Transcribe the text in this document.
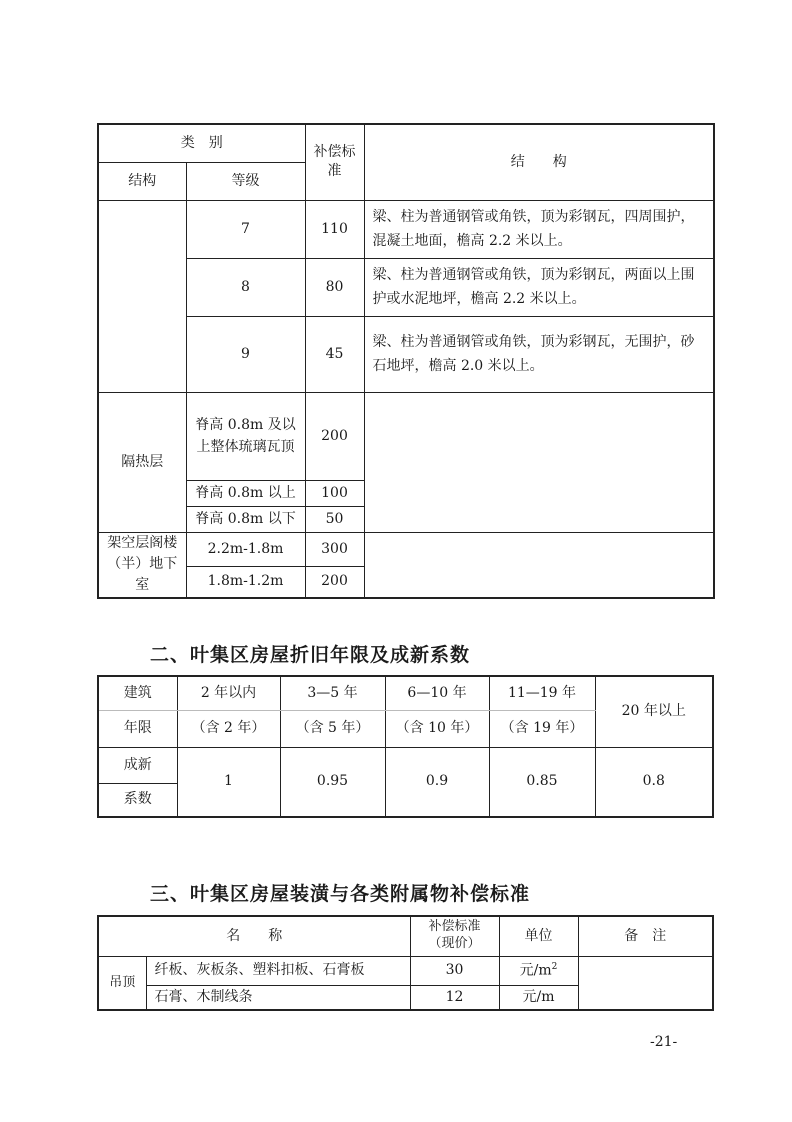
类　别		补偿标准	结　　构
结构	等级		
	7	110	梁、柱为普通钢管或角铁，顶为彩钢瓦，四周围护，混凝土地面，檐高 2.2 米以上。
	8	80	梁、柱为普通钢管或角铁，顶为彩钢瓦，两面以上围护或水泥地坪，檐高 2.2 米以上。
	9	45	梁、柱为普通钢管或角铁，顶为彩钢瓦，无围护，砂石地坪，檐高 2.0 米以上。
隔热层	脊高 0.8m 及以上整体琉璃瓦顶	200	
	脊高 0.8m 以上	100	
	脊高 0.8m 以下	50	
架空层阁楼（半）地下室	2.2m-1.8m	300	
	1.8m-1.2m	200	
二、叶集区房屋折旧年限及成新系数
建筑	2 年以内	3—5 年	6—10 年	11—19 年	20 年以上
年限	（含 2 年）	（含 5 年）	（含 10 年）	（含 19 年）	
成新	1	0.95	0.9	0.85	0.8
系数					
三、叶集区房屋装潢与各类附属物补偿标准
名　　称		补偿标准（现价）	单位	备　注
吊顶	纤板、灰板条、塑料扣板、石膏板	30	元$/m^2$	
	石膏、木制线条	12	元/m	
-21-
